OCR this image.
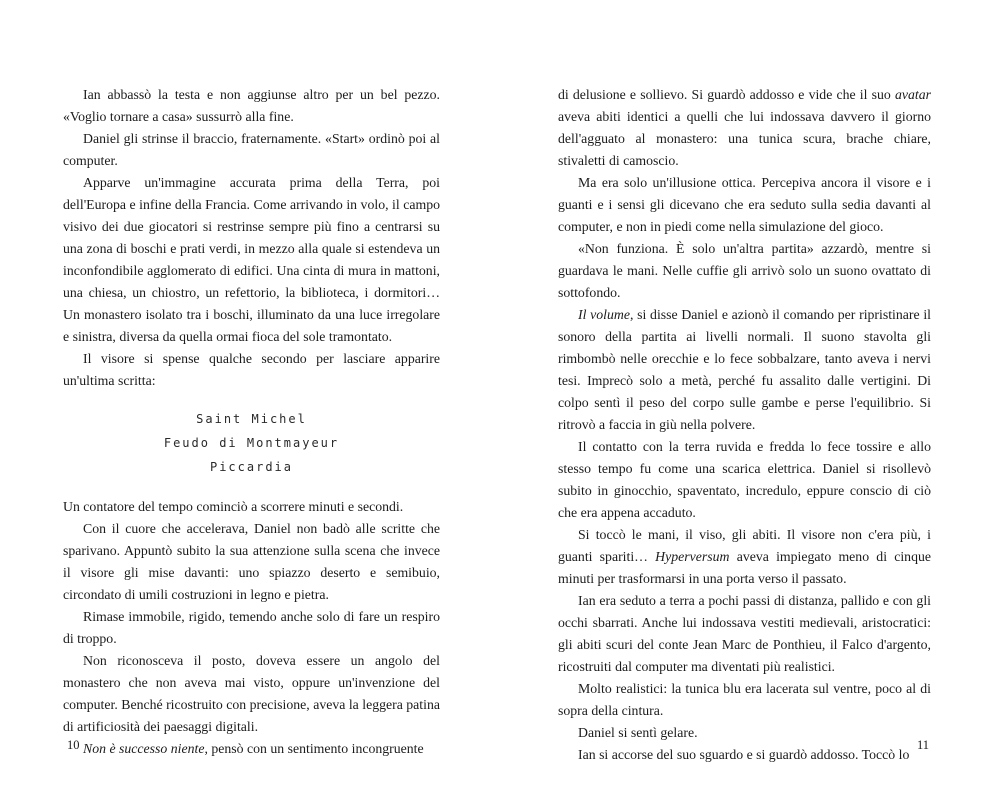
Ian abbassò la testa e non aggiunse altro per un bel pezzo. «Voglio tornare a casa» sussurrò alla fine.

Daniel gli strinse il braccio, fraternamente. «Start» ordinò poi al computer.

Apparve un'immagine accurata prima della Terra, poi dell'Europa e infine della Francia. Come arrivando in volo, il campo visivo dei due giocatori si restrinse sempre più fino a centrarsi su una zona di boschi e prati verdi, in mezzo alla quale si estendeva un inconfondibile agglomerato di edifici. Una cinta di mura in mattoni, una chiesa, un chiostro, un refettorio, la biblioteca, i dormitori… Un monastero isolato tra i boschi, illuminato da una luce irregolare e sinistra, diversa da quella ormai fioca del sole tramontato.

Il visore si spense qualche secondo per lasciare apparire un'ultima scritta:

Saint Michel
Feudo di Montmayeur
Piccardia

Un contatore del tempo cominciò a scorrere minuti e secondi.

Con il cuore che accelerava, Daniel non badò alle scritte che sparivano. Appuntò subito la sua attenzione sulla scena che invece il visore gli mise davanti: uno spiazzo deserto e semibuio, circondato di umili costruzioni in legno e pietra.

Rimase immobile, rigido, temendo anche solo di fare un respiro di troppo.

Non riconosceva il posto, doveva essere un angolo del monastero che non aveva mai visto, oppure un'invenzione del computer. Benché ricostruito con precisione, aveva la leggera patina di artificiosità dei paesaggi digitali.

Non è successo niente, pensò con un sentimento incongruente

10

di delusione e sollievo. Si guardò addosso e vide che il suo avatar aveva abiti identici a quelli che lui indossava davvero il giorno dell'agguato al monastero: una tunica scura, brache chiare, stivaletti di camoscio.

Ma era solo un'illusione ottica. Percepiva ancora il visore e i guanti e i sensi gli dicevano che era seduto sulla sedia davanti al computer, e non in piedi come nella simulazione del gioco.

«Non funziona. È solo un'altra partita» azzardò, mentre si guardava le mani. Nelle cuffie gli arrivò solo un suono ovattato di sottofondo.

Il volume, si disse Daniel e azionò il comando per ripristinare il sonoro della partita ai livelli normali. Il suono stavolta gli rimbombò nelle orecchie e lo fece sobbalzare, tanto aveva i nervi tesi. Imprecò solo a metà, perché fu assalito dalle vertigini. Di colpo sentì il peso del corpo sulle gambe e perse l'equilibrio. Si ritrovò a faccia in giù nella polvere.

Il contatto con la terra ruvida e fredda lo fece tossire e allo stesso tempo fu come una scarica elettrica. Daniel si risollevò subito in ginocchio, spaventato, incredulo, eppure conscio di ciò che era appena accaduto.

Si toccò le mani, il viso, gli abiti. Il visore non c'era più, i guanti spariti… Hyperversum aveva impiegato meno di cinque minuti per trasformarsi in una porta verso il passato.

Ian era seduto a terra a pochi passi di distanza, pallido e con gli occhi sbarrati. Anche lui indossava vestiti medievali, aristocratici: gli abiti scuri del conte Jean Marc de Ponthieu, il Falco d'argento, ricostruiti dal computer ma diventati più realistici.

Molto realistici: la tunica blu era lacerata sul ventre, poco al di sopra della cintura.

Daniel si sentì gelare.

Ian si accorse del suo sguardo e si guardò addosso. Toccò lo

11
